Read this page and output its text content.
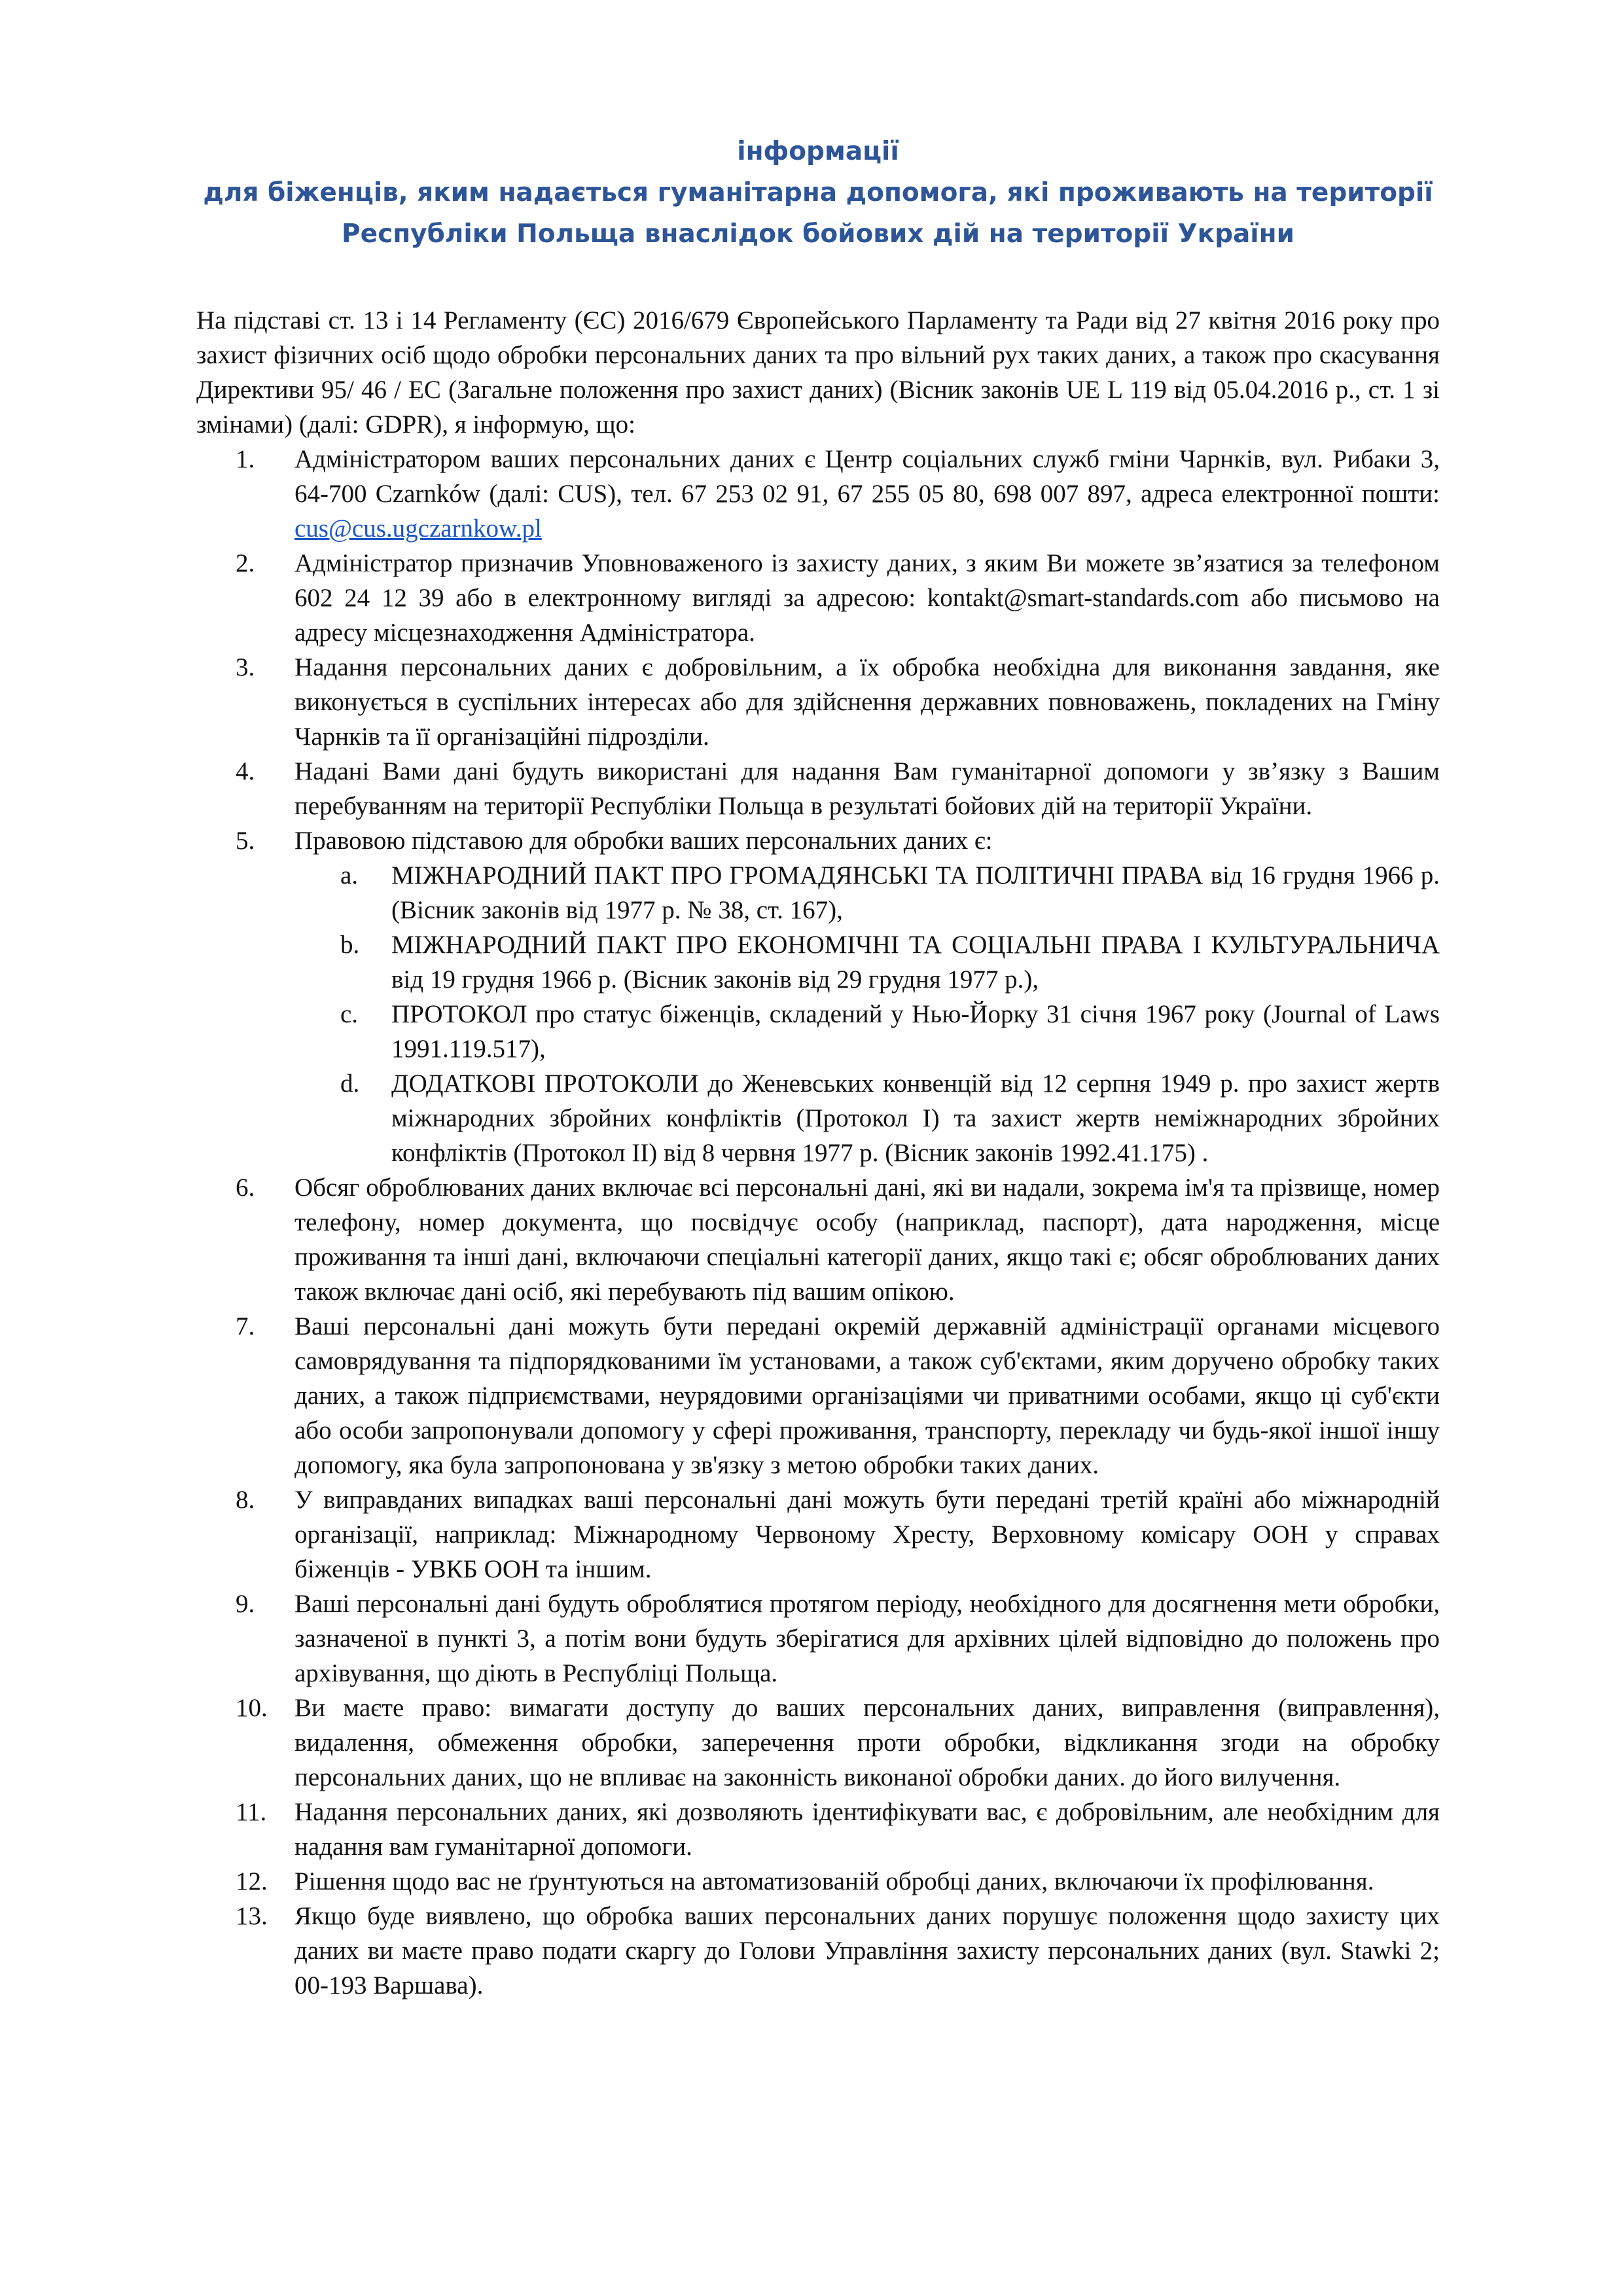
інформації
для біженців, яким надається гуманітарна допомога, які проживають на території
Республіки Польща внаслідок бойових дій на території України

На підставі ст. 13 і 14 Регламенту (ЄС) 2016/679 Європейського Парламенту та Ради від 27 квітня 2016 року про захист фізичних осіб щодо обробки персональних даних та про вільний рух таких даних, а також про скасування Директиви 95/ 46 / ЕС (Загальне положення про захист даних) (Вісник законів UE L 119 від 05.04.2016 р., ст. 1 зі змінами) (далі: GDPR), я інформую, що:

1. Адміністратором ваших персональних даних є Центр соціальних служб гміни Чарнків, вул. Рибаки 3, 64-700 Czarnków (далі: CUS), тел. 67 253 02 91, 67 255 05 80, 698 007 897, адреса електронної пошти: cus@cus.ugczarnkow.pl
2. Адміністратор призначив Уповноваженого із захисту даних, з яким Ви можете зв’язатися за телефоном 602 24 12 39 або в електронному вигляді за адресою: kontakt@smart-standards.com або письмово на адресу місцезнаходження Адміністратора.
3. Надання персональних даних є добровільним, а їх обробка необхідна для виконання завдання, яке виконується в суспільних інтересах або для здійснення державних повноважень, покладених на Гміну Чарнків та її організаційні підрозділи.
4. Надані Вами дані будуть використані для надання Вам гуманітарної допомоги у зв’язку з Вашим перебуванням на території Республіки Польща в результаті бойових дій на території України.
5. Правовою підставою для обробки ваших персональних даних є:
a. МІЖНАРОДНИЙ ПАКТ ПРО ГРОМАДЯНСЬКІ ТА ПОЛІТИЧНІ ПРАВА від 16 грудня 1966 р. (Вісник законів від 1977 р. № 38, ст. 167),
b. МІЖНАРОДНИЙ ПАКТ ПРО ЕКОНОМІЧНІ ТА СОЦІАЛЬНІ ПРАВА І КУЛЬТУРАЛЬНИЧА від 19 грудня 1966 р. (Вісник законів від 29 грудня 1977 р.),
c. ПРОТОКОЛ про статус біженців, складений у Нью-Йорку 31 січня 1967 року (Journal of Laws 1991.119.517),
d. ДОДАТКОВІ ПРОТОКОЛИ до Женевських конвенцій від 12 серпня 1949 р. про захист жертв міжнародних збройних конфліктів (Протокол I) та захист жертв неміжнародних збройних конфліктів (Протокол II) від 8 червня 1977 р. (Вісник законів 1992.41.175) .
6. Обсяг оброблюваних даних включає всі персональні дані, які ви надали, зокрема ім'я та прізвище, номер телефону, номер документа, що посвідчує особу (наприклад, паспорт), дата народження, місце проживання та інші дані, включаючи спеціальні категорії даних, якщо такі є; обсяг оброблюваних даних також включає дані осіб, які перебувають під вашим опікою.
7. Ваші персональні дані можуть бути передані окремій державній адміністрації органами місцевого самоврядування та підпорядкованими їм установами, а також суб'єктами, яким доручено обробку таких даних, а також підприємствами, неурядовими організаціями чи приватними особами, якщо ці суб'єкти або особи запропонували допомогу у сфері проживання, транспорту, перекладу чи будь-якої іншої іншу допомогу, яка була запропонована у зв'язку з метою обробки таких даних.
8. У виправданих випадках ваші персональні дані можуть бути передані третій країні або міжнародній організації, наприклад: Міжнародному Червоному Хресту, Верховному комісару ООН у справах біженців - УВКБ ООН та іншим.
9. Ваші персональні дані будуть оброблятися протягом періоду, необхідного для досягнення мети обробки, зазначеної в пункті 3, а потім вони будуть зберігатися для архівних цілей відповідно до положень про архівування, що діють в Республіці Польща.
10. Ви маєте право: вимагати доступу до ваших персональних даних, виправлення (виправлення), видалення, обмеження обробки, заперечення проти обробки, відкликання згоди на обробку персональних даних, що не впливає на законність виконаної обробки даних. до його вилучення.
11. Надання персональних даних, які дозволяють ідентифікувати вас, є добровільним, але необхідним для надання вам гуманітарної допомоги.
12. Рішення щодо вас не ґрунтуються на автоматизованій обробці даних, включаючи їх профілювання.
13. Якщо буде виявлено, що обробка ваших персональних даних порушує положення щодо захисту цих даних ви маєте право подати скаргу до Голови Управління захисту персональних даних (вул. Stawki 2; 00-193 Варшава).
